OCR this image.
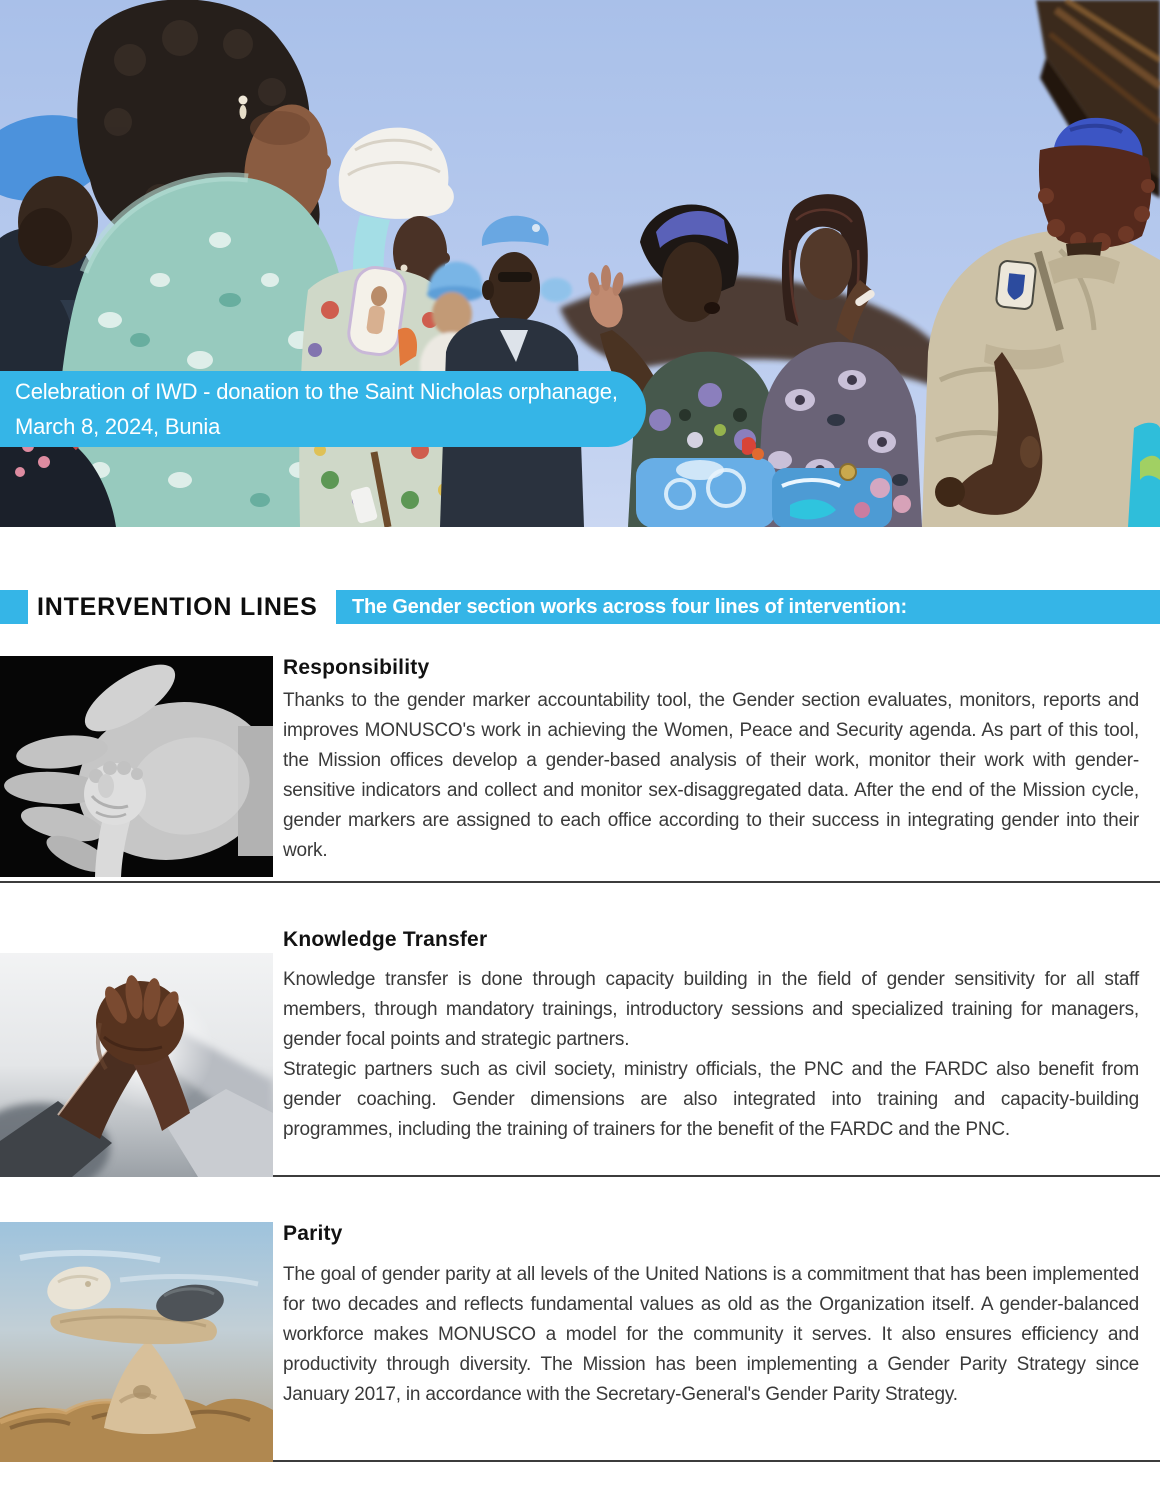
Celebration of IWD - donation to the Saint Nicholas orphanage,
March 8, 2024, Bunia
INTERVENTION LINES The Gender section works across four lines of intervention:
Responsibility

Thanks to the gender marker accountability tool, the Gender section evaluates, monitors, reports and improves MONUSCO's work in achieving the Women, Peace and Security agenda. As part of this tool, the Mission offices develop a gender-based analysis of their work, monitor their work with gender-sensitive indicators and collect and monitor sex-disaggregated data. After the end of the Mission cycle, gender markers are assigned to each office according to their success in integrating gender into their work.

Knowledge Transfer

Knowledge transfer is done through capacity building in the field of gender sensitivity for all staff members, through mandatory trainings, introductory sessions and specialized training for managers, gender focal points and strategic partners.

Strategic partners such as civil society, ministry officials, the PNC and the FARDC also benefit from gender coaching. Gender dimensions are also integrated into training and capacity-building programmes, including the training of trainers for the benefit of the FARDC and the PNC.

Parity

The goal of gender parity at all levels of the United Nations is a commitment that has been implemented for two decades and reflects fundamental values as old as the Organization itself. A gender-balanced workforce makes MONUSCO a model for the community it serves. It also ensures efficiency and productivity through diversity. The Mission has been implementing a Gender Parity Strategy since January 2017, in accordance with the Secretary-General's Gender Parity Strategy.
